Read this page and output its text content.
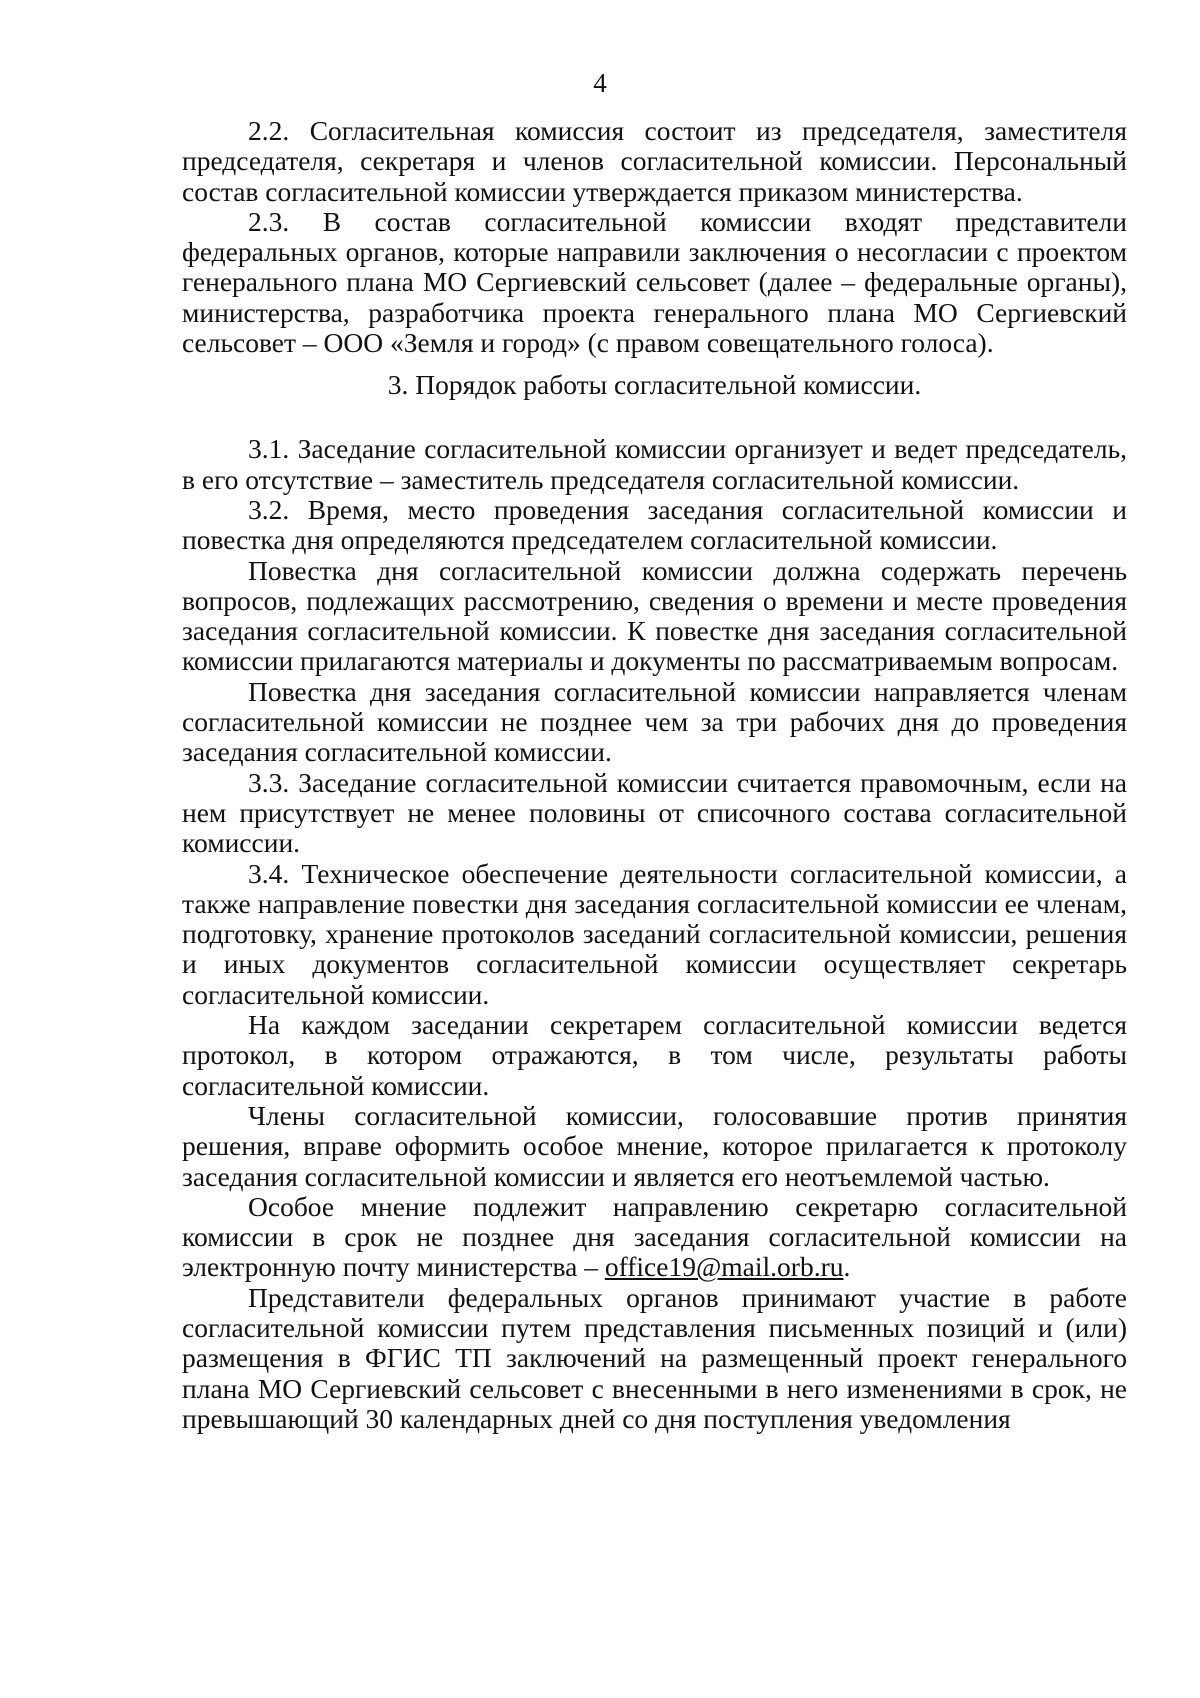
4

2.2. Согласительная комиссия состоит из председателя, заместителя председателя, секретаря и членов согласительной комиссии. Персональный состав согласительной комиссии утверждается приказом министерства.

2.3. В состав согласительной комиссии входят представители федеральных органов, которые направили заключения о несогласии с проектом генерального плана МО Сергиевский сельсовет (далее – федеральные органы), министерства, разработчика проекта генерального плана МО Сергиевский сельсовет – ООО «Земля и город» (с правом совещательного голоса).

3. Порядок работы согласительной комиссии.

3.1. Заседание согласительной комиссии организует и ведет председатель, в его отсутствие – заместитель председателя согласительной комиссии.

3.2. Время, место проведения заседания согласительной комиссии и повестка дня определяются председателем согласительной комиссии.

Повестка дня согласительной комиссии должна содержать перечень вопросов, подлежащих рассмотрению, сведения о времени и месте проведения заседания согласительной комиссии. К повестке дня заседания согласительной комиссии прилагаются материалы и документы по рассматриваемым вопросам.

Повестка дня заседания согласительной комиссии направляется членам согласительной комиссии не позднее чем за три рабочих дня до проведения заседания согласительной комиссии.

3.3. Заседание согласительной комиссии считается правомочным, если на нем присутствует не менее половины от списочного состава согласительной комиссии.

3.4. Техническое обеспечение деятельности согласительной комиссии, а также направление повестки дня заседания согласительной комиссии ее членам, подготовку, хранение протоколов заседаний согласительной комиссии, решения и иных документов согласительной комиссии осуществляет секретарь согласительной комиссии.

На каждом заседании секретарем согласительной комиссии ведется протокол, в котором отражаются, в том числе, результаты работы согласительной комиссии.

Члены согласительной комиссии, голосовавшие против принятия решения, вправе оформить особое мнение, которое прилагается к протоколу заседания согласительной комиссии и является его неотъемлемой частью.

Особое мнение подлежит направлению секретарю согласительной комиссии в срок не позднее дня заседания согласительной комиссии на электронную почту министерства – office19@mail.orb.ru.

Представители федеральных органов принимают участие в работе согласительной комиссии путем представления письменных позиций и (или) размещения в ФГИС ТП заключений на размещенный проект генерального плана МО Сергиевский сельсовет с внесенными в него изменениями в срок, не превышающий 30 календарных дней со дня поступления уведомления
